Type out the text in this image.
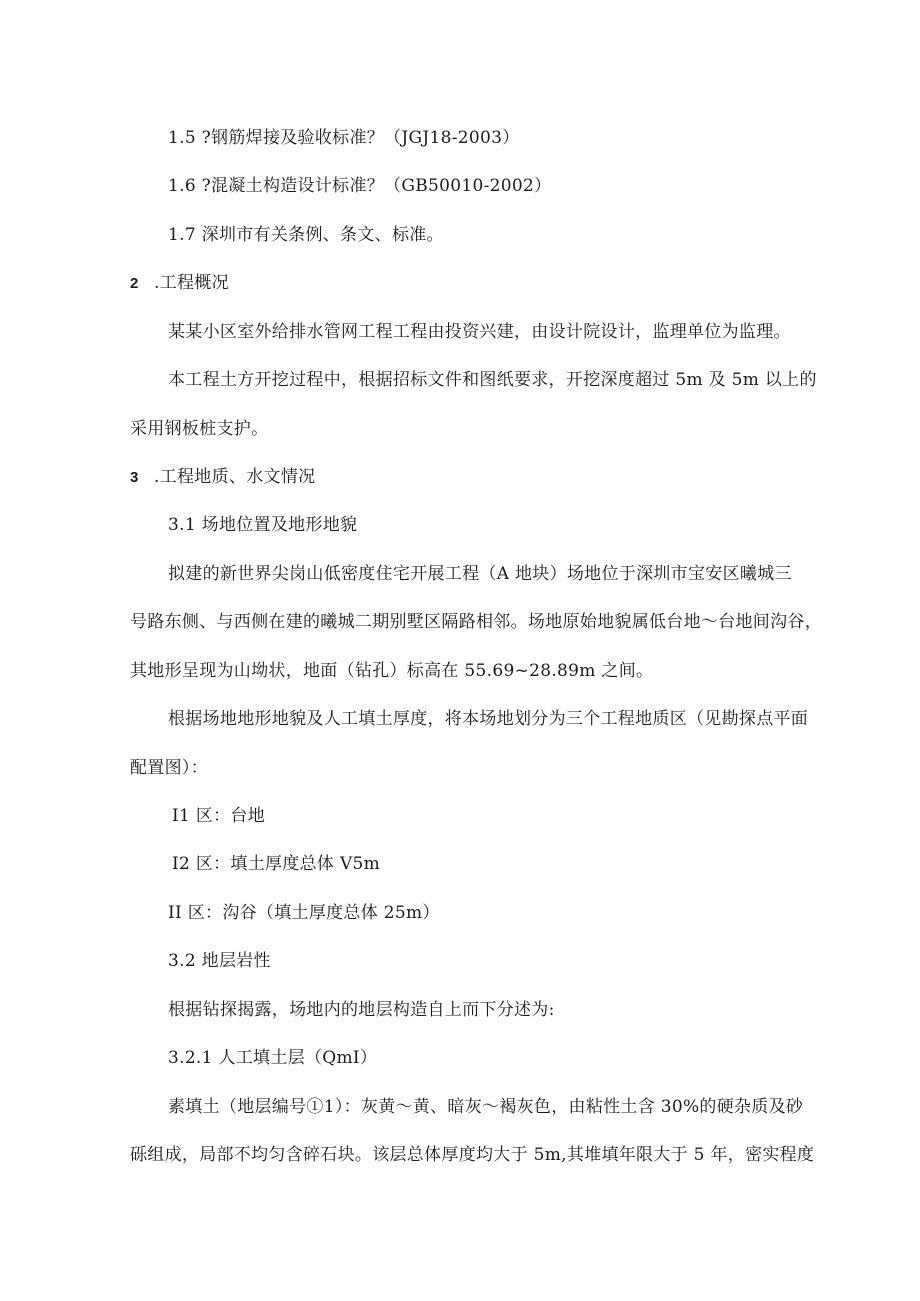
1.5 ?钢筋焊接及验收标准？（JGJ18-2003）
1.6 ?混凝土构造设计标准？（GB50010-2002）
1.7 深圳市有关条例、条文、标准。
2 .工程概况
某某小区室外给排水管网工程工程由投资兴建，由设计院设计，监理单位为监理。
本工程土方开挖过程中，根据招标文件和图纸要求，开挖深度超过 5m 及 5m 以上的
采用钢板桩支护。
3 .工程地质、水文情况
3.1 场地位置及地形地貌
拟建的新世界尖岗山低密度住宅开展工程（A 地块）场地位于深圳市宝安区曦城三
号路东侧、与西侧在建的曦城二期别墅区隔路相邻。场地原始地貌属低台地～台地间沟谷，
其地形呈现为山坳状，地面（钻孔）标高在 55.69~28.89m 之间。
根据场地地形地貌及人工填土厚度，将本场地划分为三个工程地质区（见勘探点平面
配置图）：
I1 区：台地
I2 区：填土厚度总体 V5m
II 区：沟谷（填土厚度总体 25m）
3.2 地层岩性
根据钻探揭露，场地内的地层构造自上而下分述为:
3.2.1 人工填土层（QmI）
素填土（地层编号①1）：灰黄～黄、暗灰～褐灰色，由粘性土含 30%的硬杂质及砂
砾组成，局部不均匀含碎石块。该层总体厚度均大于 5m,其堆填年限大于 5 年，密实程度
